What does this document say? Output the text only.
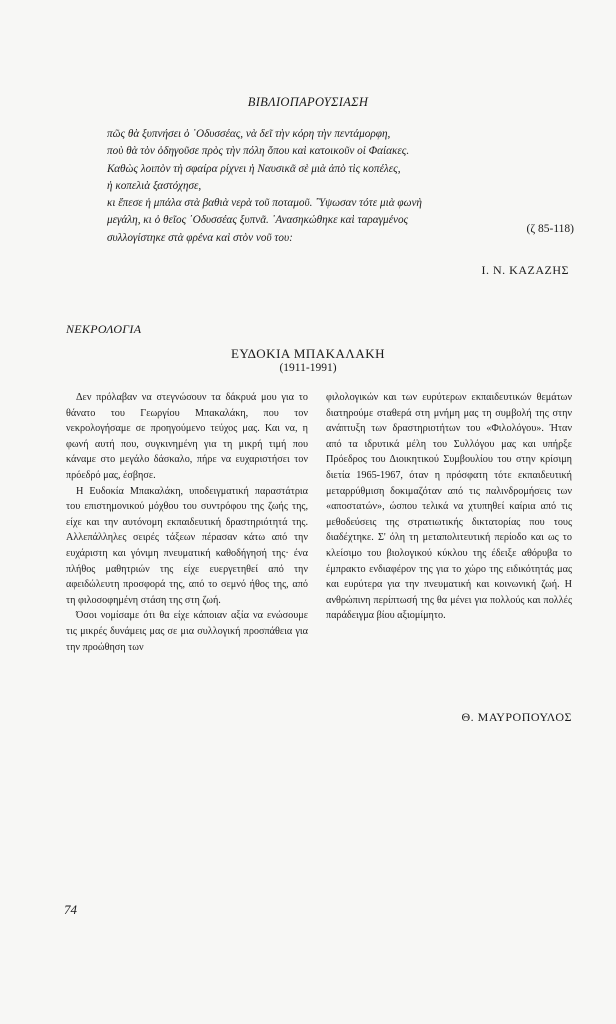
ΒΙΒΛΙΟΠΑΡΟΥΣΙΑΣΗ
πῶς θὰ ξυπνήσει ὁ ᾿Οδυσσέας, νὰ δεῖ τὴν κόρη τὴν πεντάμορφη,
ποὺ θὰ τὸν ὁδηγοῦσε πρὸς τὴν πόλη ὅπου καὶ κατοικοῦν οἱ Φαίακες.
Καθὼς λοιπὸν τὴ σφαίρα ρίχνει ἡ Ναυσικᾶ σὲ μιὰ ἀπὸ τὶς κοπέλες,
ἡ κοπελιὰ ξαστόχησε,
κι ἔπεσε ἡ μπάλα στὰ βαθιὰ νερὰ τοῦ ποταμοῦ. ῍Υψωσαν τότε μιὰ φωνὴ
μεγάλη, κι ὁ θεῖος ᾿Οδυσσέας ξυπνᾶ. ᾿Ανασηκώθηκε καὶ ταραγμένος
συλλογίστηκε στὰ φρένα καὶ στὸν νοῦ του:
(ζ 85-118)
Ι. Ν. ΚΑΖΑΖΗΣ
ΝΕΚΡΟΛΟΓΙΑ
ΕΥΔΟΚΙΑ ΜΠΑΚΑΛΑΚΗ
(1911-1991)

Δεν πρόλαβαν να στεγνώσουν τα δάκρυά μου για το θάνατο του Γεωργίου Μπακαλάκη, που τον νεκρολογήσαμε σε προηγούμενο τεύχος μας. Και να, η φωνή αυτή που, συγκινημένη για τη μικρή τιμή που κάναμε στο μεγάλο δάσκαλο, πήρε να ευχαριστήσει τον πρόεδρό μας, έσβησε.

Η Ευδοκία Μπακαλάκη, υποδειγματική παραστάτρια του επιστημονικού μόχθου του συντρόφου της ζωής της, είχε και την αυτόνομη εκπαιδευτική δραστηριότητά της. Αλλεπάλληλες σειρές τάξεων πέρασαν κάτω από την ευχάριστη και γόνιμη πνευματική καθοδήγησή της· ένα πλήθος μαθητριών της είχε ευεργετηθεί από την αφειδώλευτη προσφορά της, από το σεμνό ήθος της, από τη φιλοσοφημένη στάση της στη ζωή.

Όσοι νομίσαμε ότι θα είχε κάποιαν αξία να ενώσουμε τις μικρές δυνάμεις μας σε μια συλλογική προσπάθεια για την προώθηση των

φιλολογικών και των ευρύτερων εκπαιδευτικών θεμάτων διατηρούμε σταθερά στη μνήμη μας τη συμβολή της στην ανάπτυξη των δραστηριοτήτων του «Φιλολόγου». Ήταν από τα ιδρυτικά μέλη του Συλλόγου μας και υπήρξε Πρόεδρος του Διοικητικού Συμβουλίου του στην κρίσιμη διετία 1965-1967, όταν η πρόσφατη τότε εκπαιδευτική μεταρρύθμιση δοκιμαζόταν από τις παλινδρομήσεις των «αποστατών», ώσπου τελικά να χτυπηθεί καίρια από τις μεθοδεύσεις της στρατιωτικής δικτατορίας που τους διαδέχτηκε. Σ' όλη τη μεταπολιτευτική περίοδο και ως το κλείσιμο του βιολογικού κύκλου της έδειξε αθόρυβα το έμπρακτο ενδιαφέρον της για το χώρο της ειδικότητάς μας και ευρύτερα για την πνευματική και κοινωνική ζωή. Η ανθρώπινη περίπτωσή της θα μένει για πολλούς και πολλές παράδειγμα βίου αξιομίμητο.

Θ. ΜΑΥΡΟΠΟΥΛΟΣ
74
